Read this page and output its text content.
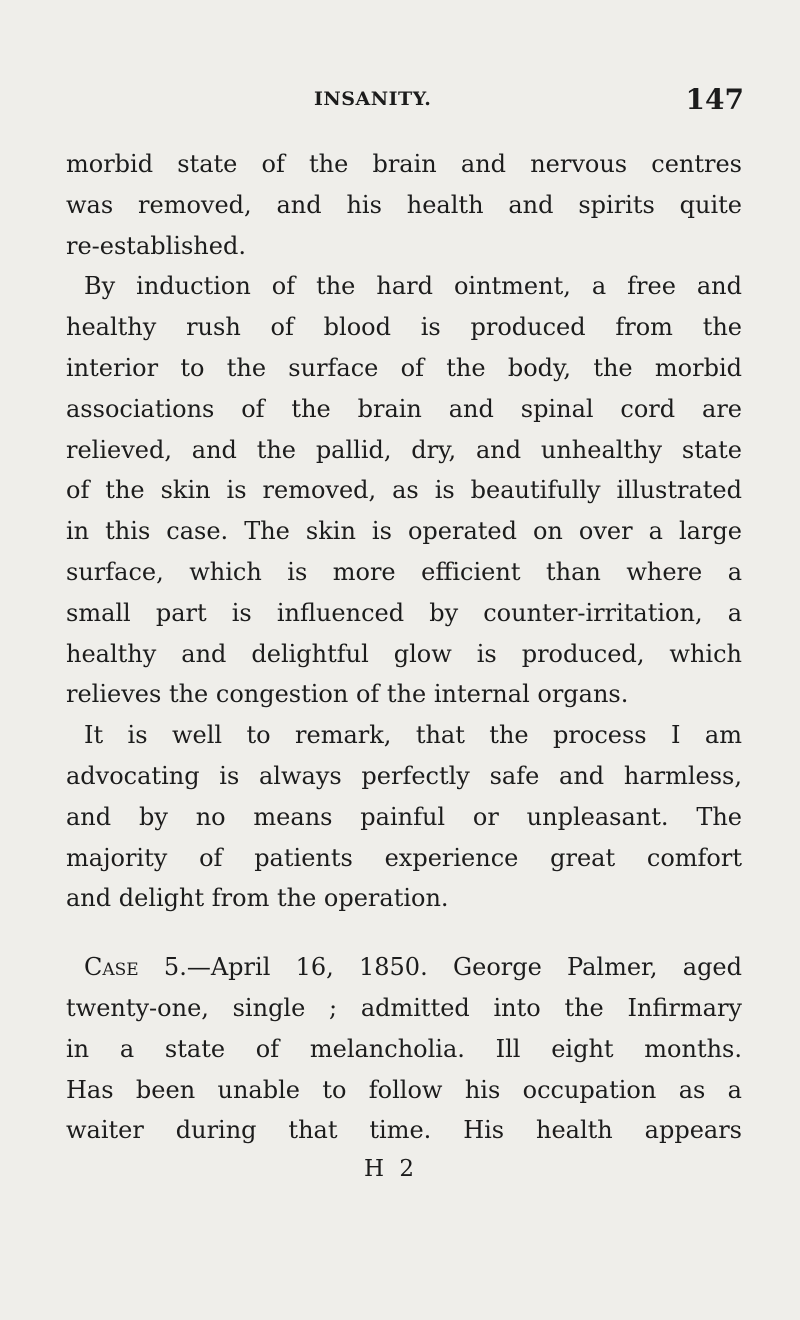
INSANITY.	147
morbid state of the brain and nervous centres
was removed, and his health and spirits quite
re-established.
By induction of the hard ointment, a free and
healthy rush of blood is produced from the
interior to the surface of the body, the morbid
associations of the brain and spinal cord are
relieved, and the pallid, dry, and unhealthy state
of the skin is removed, as is beautifully illustrated
in this case. The skin is operated on over a large
surface, which is more efficient than where a
small part is influenced by counter-irritation, a
healthy and delightful glow is produced, which
relieves the congestion of the internal organs.
It is well to remark, that the process I am
advocating is always perfectly safe and harmless,
and by no means painful or unpleasant. The
majority of patients experience great comfort
and delight from the operation.
Case 5.—April 16, 1850. George Palmer, aged
twenty-one, single ; admitted into the Infirmary
in a state of melancholia. Ill eight months.
Has been unable to follow his occupation as a
waiter during that time. His health appears
H 2
